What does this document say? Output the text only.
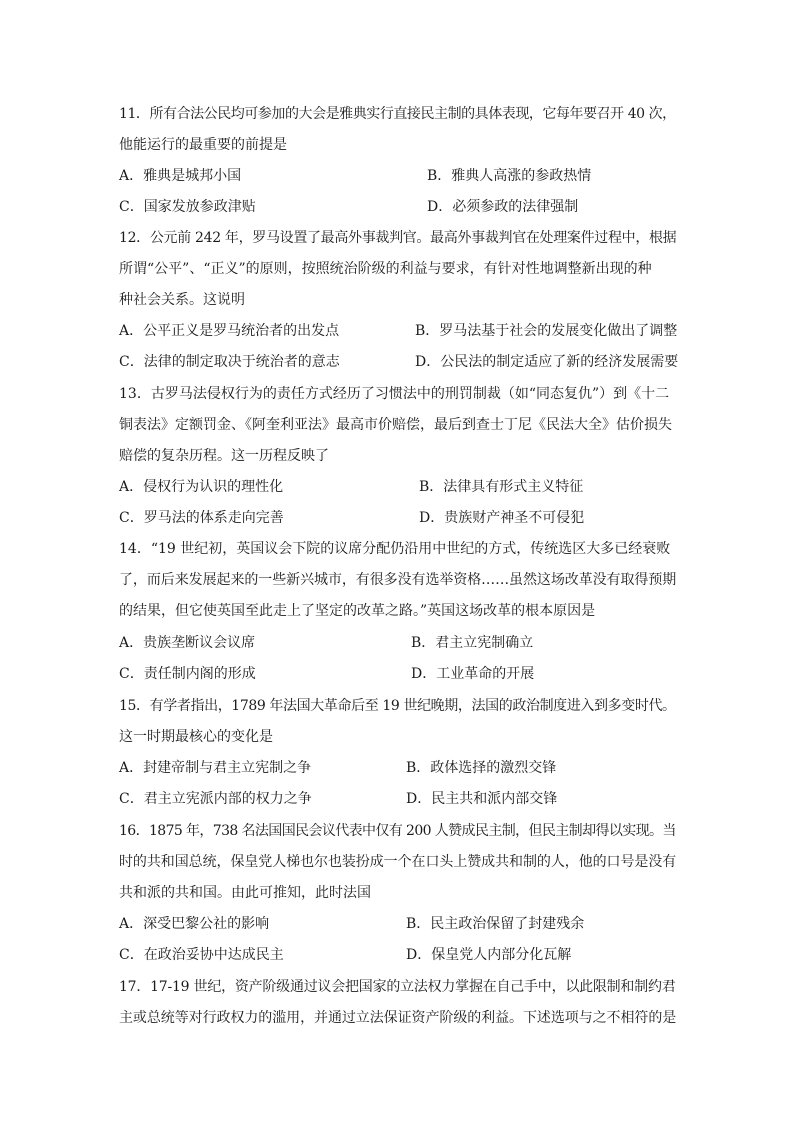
11．所有合法公民均可参加的大会是雅典实行直接民主制的具体表现，它每年要召开 40 次，
他能运行的最重要的前提是
A．雅典是城邦小国	B．雅典人高涨的参政热情
C．国家发放参政津贴	D．必须参政的法律强制
12．公元前 242 年，罗马设置了最高外事裁判官。最高外事裁判官在处理案件过程中，根据
所谓“公平”、“正义”的原则，按照统治阶级的利益与要求，有针对性地调整新出现的种
种社会关系。这说明
A．公平正义是罗马统治者的出发点	B．罗马法基于社会的发展变化做出了调整
C．法律的制定取决于统治者的意志	D．公民法的制定适应了新的经济发展需要
13．古罗马法侵权行为的责任方式经历了习惯法中的刑罚制裁（如“同态复仇”）到《十二
铜表法》定额罚金、《阿奎利亚法》最高市价赔偿，最后到查士丁尼《民法大全》估价损失
赔偿的复杂历程。这一历程反映了
A．侵权行为认识的理性化	B．法律具有形式主义特征
C．罗马法的体系走向完善	D．贵族财产神圣不可侵犯
14．“19 世纪初，英国议会下院的议席分配仍沿用中世纪的方式，传统选区大多已经衰败
了，而后来发展起来的一些新兴城市，有很多没有选举资格……虽然这场改革没有取得预期
的结果，但它使英国至此走上了坚定的改革之路。”英国这场改革的根本原因是
A．贵族垄断议会议席	B．君主立宪制确立
C．责任制内阁的形成	D．工业革命的开展
15．有学者指出，1789 年法国大革命后至 19 世纪晚期，法国的政治制度进入到多变时代。
这一时期最核心的变化是
A．封建帝制与君主立宪制之争	B．政体选择的激烈交锋
C．君主立宪派内部的权力之争	D．民主共和派内部交锋
16．1875 年，738 名法国国民会议代表中仅有 200 人赞成民主制，但民主制却得以实现。当
时的共和国总统，保皇党人梯也尔也装扮成一个在口头上赞成共和制的人，他的口号是没有
共和派的共和国。由此可推知，此时法国
A．深受巴黎公社的影响	B．民主政治保留了封建残余
C．在政治妥协中达成民主	D．保皇党人内部分化瓦解
17．17-19 世纪，资产阶级通过议会把国家的立法权力掌握在自己手中，以此限制和制约君
主或总统等对行政权力的滥用，并通过立法保证资产阶级的利益。下述选项与之不相符的是
